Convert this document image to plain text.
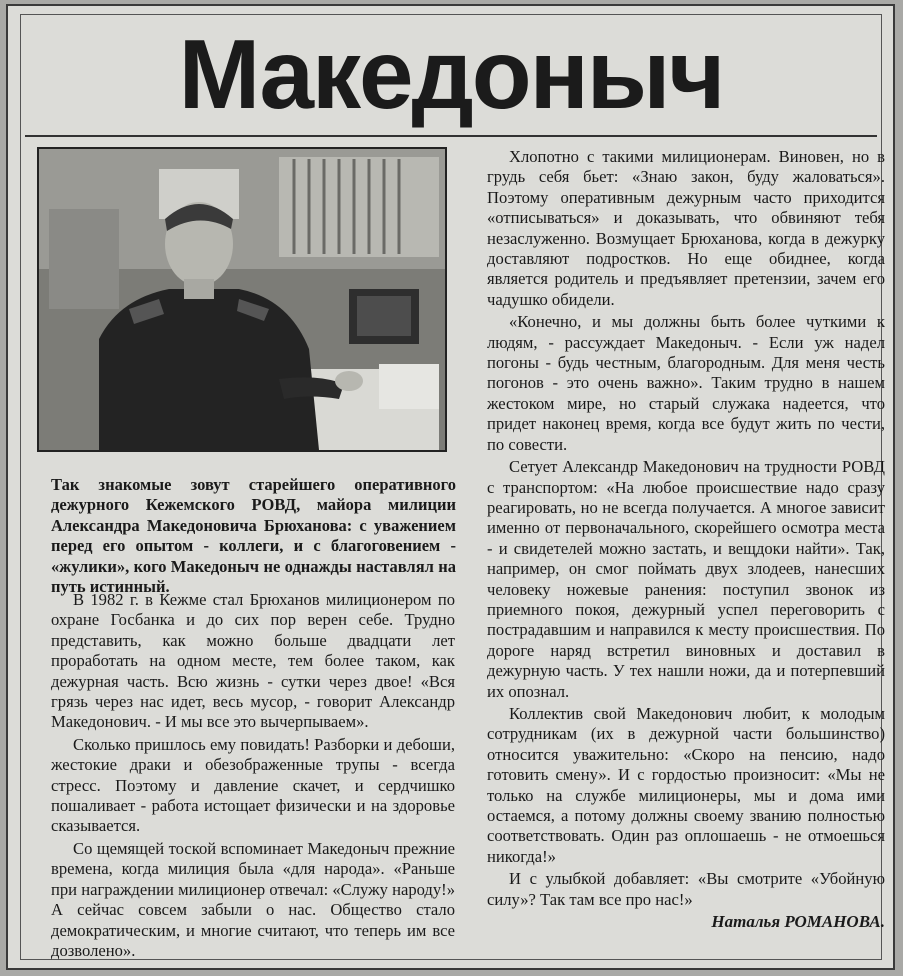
Македоныч
Так знакомые зовут старейшего оперативного дежурного Кежемского РОВД, майора милиции Александра Македоновича Брюханова: с уважением перед его опытом - коллеги, и с благоговением - «жулики», кого Македоныч не однажды наставлял на путь истинный.

В 1982 г. в Кежме стал Брюханов милиционером по охране Госбанка и до сих пор верен себе. Трудно представить, как можно больше двадцати лет проработать на одном месте, тем более таком, как дежурная часть. Всю жизнь - сутки через двое! «Вся грязь через нас идет, весь мусор, - говорит Александр Македонович. - И мы все это вычерпываем».

Сколько пришлось ему повидать! Разборки и дебоши, жестокие драки и обезображенные трупы - всегда стресс. Поэтому и давление скачет, и сердчишко пошаливает - работа истощает физически и на здоровье сказывается.

Со щемящей тоской вспоминает Македоныч прежние времена, когда милиция была «для народа». «Раньше при награждении милиционер отвечал: «Служу народу!» А сейчас совсем забыли о нас. Общество стало демократическим, и многие считают, что теперь им все дозволено».

Хлопотно с такими милиционерам. Виновен, но в грудь себя бьет: «Знаю закон, буду жаловаться». Поэтому оперативным дежурным часто приходится «отписываться» и доказывать, что обвиняют тебя незаслуженно. Возмущает Брюханова, когда в дежурку доставляют подростков. Но еще обиднее, когда является родитель и предъявляет претензии, зачем его чадушко обидели.

«Конечно, и мы должны быть более чуткими к людям, - рассуждает Македоныч. - Если уж надел погоны - будь честным, благородным. Для меня честь погонов - это очень важно». Таким трудно в нашем жестоком мире, но старый служака надеется, что придет наконец время, когда все будут жить по чести, по совести.

Сетует Александр Македонович на трудности РОВД с транспортом: «На любое происшествие надо сразу реагировать, но не всегда получается. А многое зависит именно от первоначального, скорейшего осмотра места - и свидетелей можно застать, и вещдоки найти». Так, например, он смог поймать двух злодеев, нанесших человеку ножевые ранения: поступил звонок из приемного покоя, дежурный успел переговорить с пострадавшим и направился к месту происшествия. По дороге наряд встретил виновных и доставил в дежурную часть. У тех нашли ножи, да и потерпевший их опознал.

Коллектив свой Македонович любит, к молодым сотрудникам (их в дежурной части большинство) относится уважительно: «Скоро на пенсию, надо готовить смену». И с гордостью произносит: «Мы не только на службе милиционеры, мы и дома ими остаемся, а потому должны своему званию полностью соответствовать. Один раз оплошаешь - не отмоешься никогда!»

И с улыбкой добавляет: «Вы смотрите «Убойную силу»? Так там все про нас!»

Наталья РОМАНОВА.
